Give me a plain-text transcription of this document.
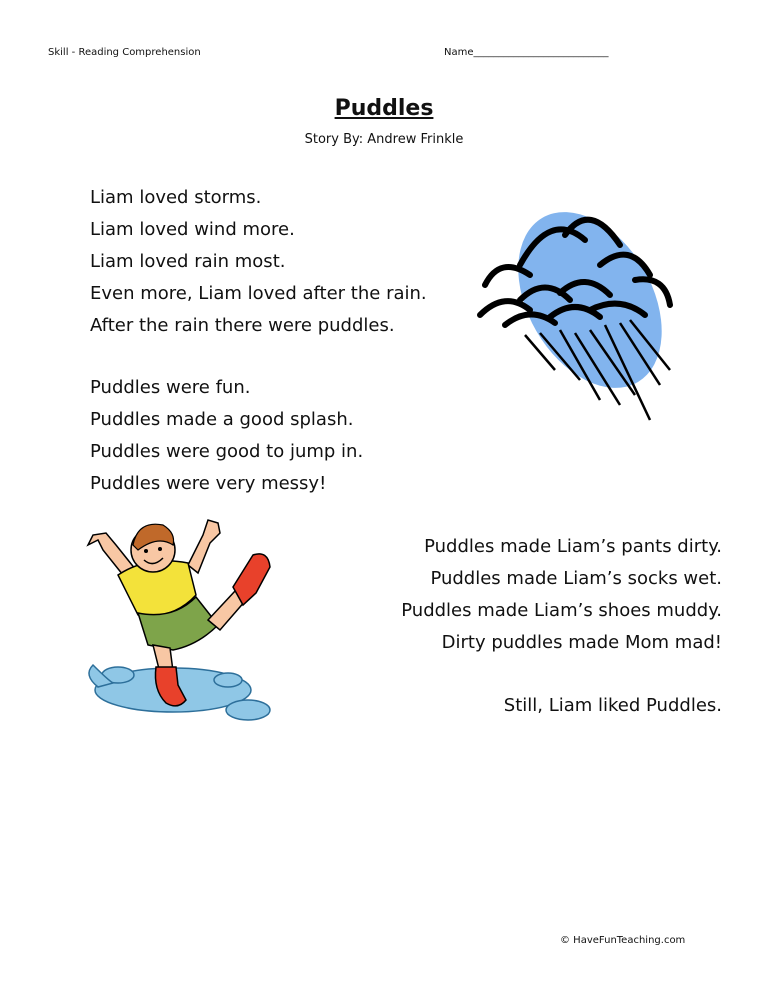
Skill - Reading Comprehension	Name___________________________
Puddles
Story By: Andrew Frinkle
Liam loved storms.
Liam loved wind more.
Liam loved rain most.
Even more, Liam loved after the rain.
After the rain there were puddles.
Puddles were fun.
Puddles made a good splash.
Puddles were good to jump in.
Puddles were very messy!
Puddles made Liam’s pants dirty.
Puddles made Liam’s socks wet.
Puddles made Liam’s shoes muddy.
Dirty puddles made Mom mad!
Still, Liam liked Puddles.
© HaveFunTeaching.com
